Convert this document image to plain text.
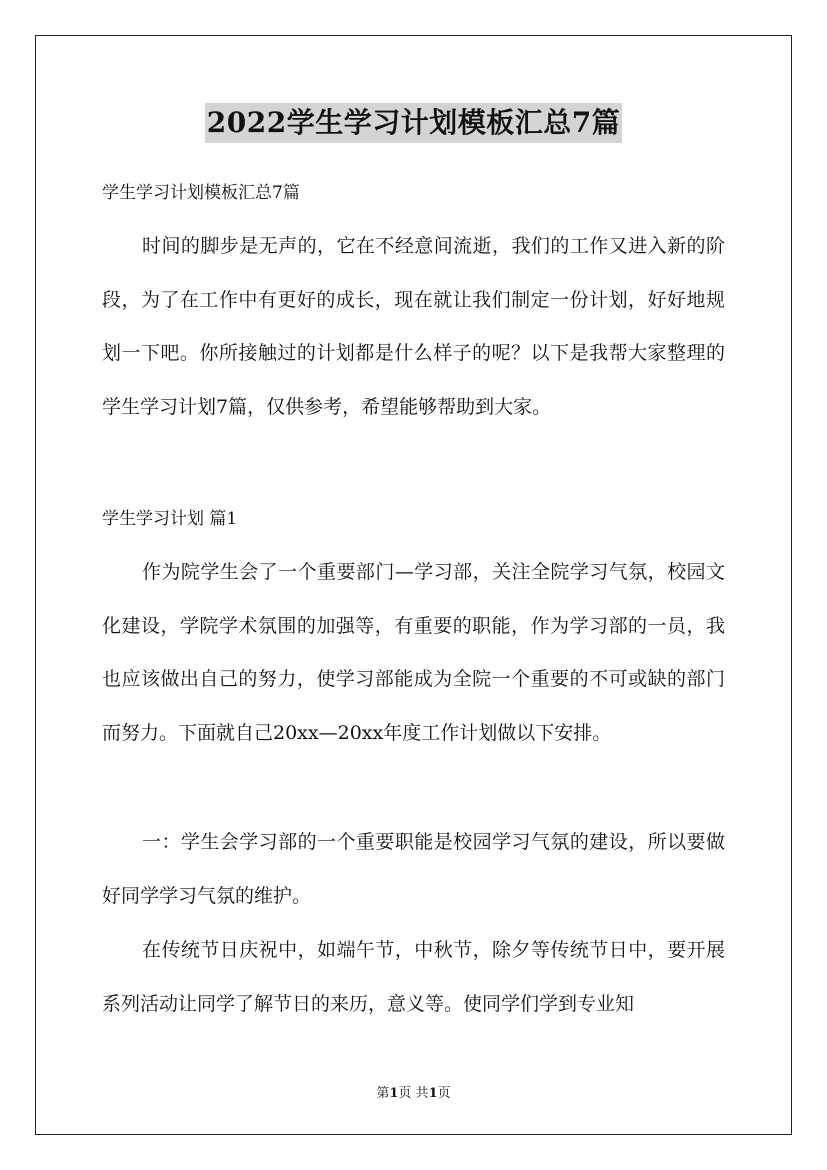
2022学生学习计划模板汇总7篇
学生学习计划模板汇总7篇

时间的脚步是无声的，它在不经意间流逝，我们的工作又进入新的阶段，为了在工作中有更好的成长，现在就让我们制定一份计划，好好地规划一下吧。你所接触过的计划都是什么样子的呢？以下是我帮大家整理的学生学习计划7篇，仅供参考，希望能够帮助到大家。

学生学习计划 篇1

作为院学生会了一个重要部门—学习部，关注全院学习气氛，校园文化建设，学院学术氛围的加强等，有重要的职能，作为学习部的一员，我也应该做出自己的努力，使学习部能成为全院一个重要的不可或缺的部门而努力。下面就自己20xx—20xx年度工作计划做以下安排。

一：学生会学习部的一个重要职能是校园学习气氛的建设，所以要做好同学学习气氛的维护。

在传统节日庆祝中，如端午节，中秋节，除夕等传统节日中，要开展系列活动让同学了解节日的来历，意义等。使同学们学到专业知

第1页 共1页
